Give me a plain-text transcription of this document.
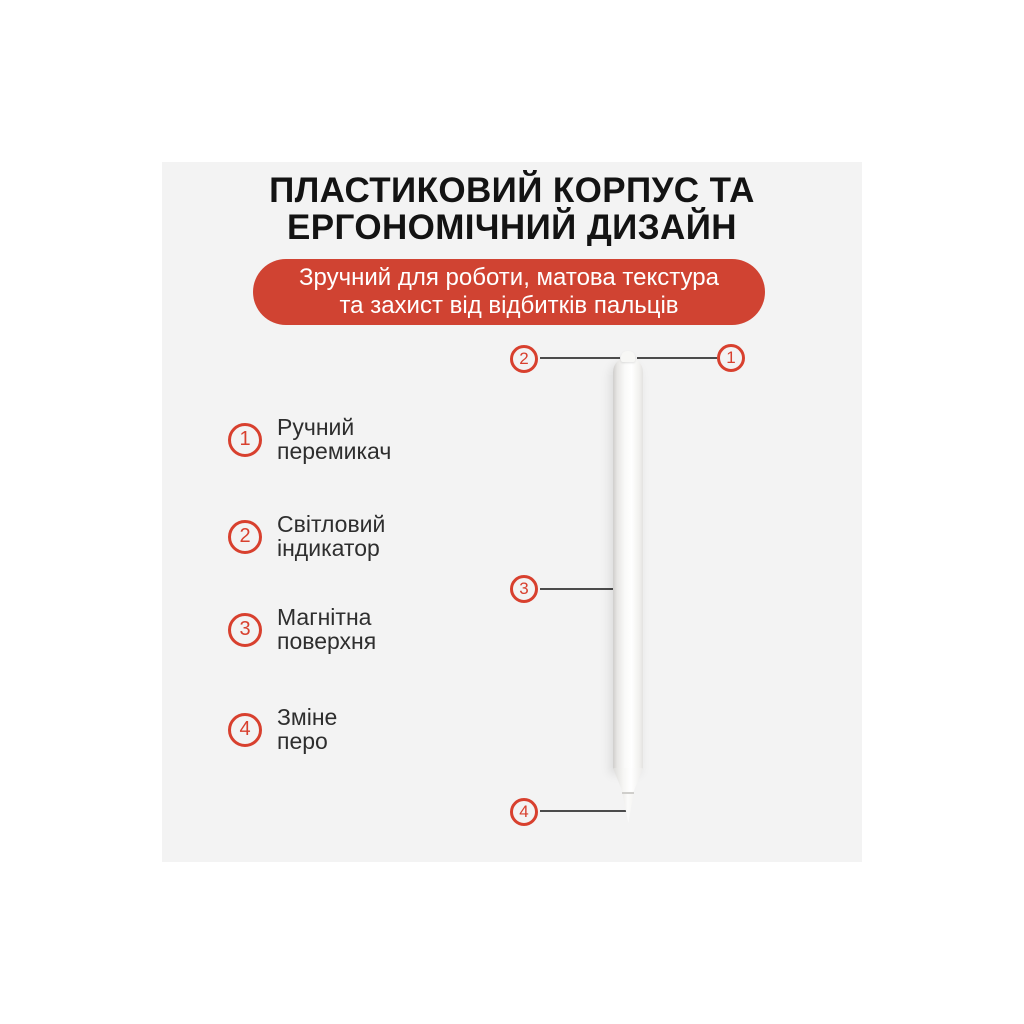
ПЛАСТИКОВИЙ КОРПУС ТА
ЕРГОНОМІЧНИЙ ДИЗАЙН
Зручний для роботи, матова текстура
та захист від відбитків пальців
1	Ручний
перемикач
2	Світловий
індикатор
3	Магнітна
поверхня
4	Зміне
перо
2	1
3
4
